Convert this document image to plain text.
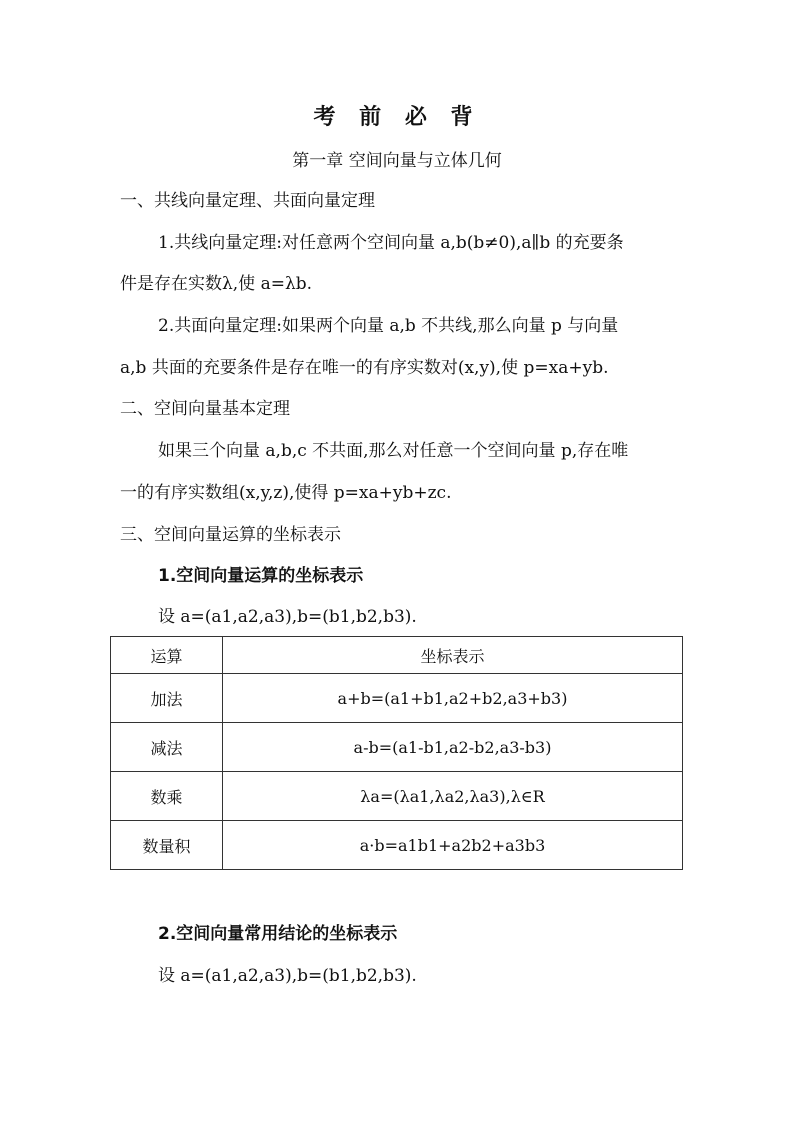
考 前 必 背
第一章 空间向量与立体几何
一、共线向量定理、共面向量定理
1.共线向量定理:对任意两个空间向量 a,b(b≠0),a∥b 的充要条
件是存在实数λ,使 a=λb.
2.共面向量定理:如果两个向量 a,b 不共线,那么向量 p 与向量
a,b 共面的充要条件是存在唯一的有序实数对(x,y),使 p=xa+yb.
二、空间向量基本定理
如果三个向量 a,b,c 不共面,那么对任意一个空间向量 p,存在唯
一的有序实数组(x,y,z),使得 p=xa+yb+zc.
三、空间向量运算的坐标表示
1.空间向量运算的坐标表示
设 a=(a1,a2,a3),b=(b1,b2,b3).
运算	坐标表示
加法	a+b=(a1+b1,a2+b2,a3+b3)
减法	a-b=(a1-b1,a2-b2,a3-b3)
数乘	λa=(λa1,λa2,λa3),λ∈R
数量积	a·b=a1b1+a2b2+a3b3
2.空间向量常用结论的坐标表示
设 a=(a1,a2,a3),b=(b1,b2,b3).
